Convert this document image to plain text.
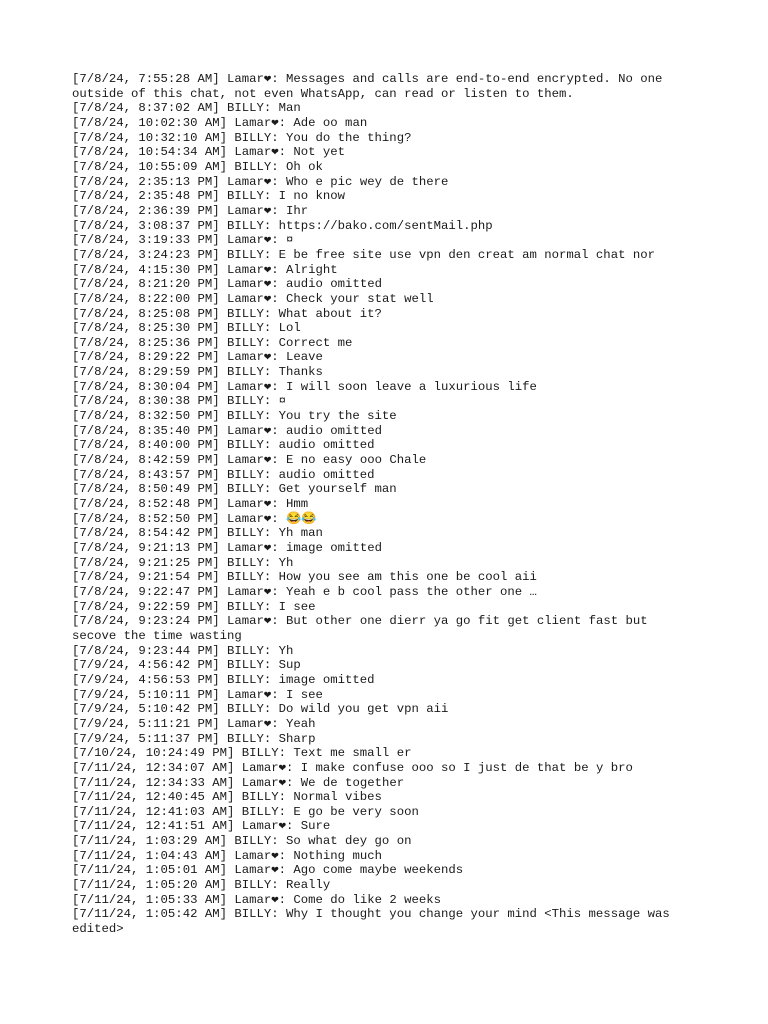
[7/8/24, 7:55:28 AM] Lamar❤: Messages and calls are end-to-end encrypted. No one outside of this chat, not even WhatsApp, can read or listen to them.
[7/8/24, 8:37:02 AM] BILLY: Man
[7/8/24, 10:02:30 AM] Lamar❤: Ade oo man
[7/8/24, 10:32:10 AM] BILLY: You do the thing?
[7/8/24, 10:54:34 AM] Lamar❤: Not yet
[7/8/24, 10:55:09 AM] BILLY: Oh ok
[7/8/24, 2:35:13 PM] Lamar❤: Who e pic wey de there
[7/8/24, 2:35:48 PM] BILLY: I no know
[7/8/24, 2:36:39 PM] Lamar❤: Ihr
[7/8/24, 3:08:37 PM] BILLY: https://bako.com/sentMail.php
[7/8/24, 3:19:33 PM] Lamar❤: ¤
[7/8/24, 3:24:23 PM] BILLY: E be free site use vpn den creat am normal chat nor
[7/8/24, 4:15:30 PM] Lamar❤: Alright
[7/8/24, 8:21:20 PM] Lamar❤: audio omitted
[7/8/24, 8:22:00 PM] Lamar❤: Check your stat well
[7/8/24, 8:25:08 PM] BILLY: What about it?
[7/8/24, 8:25:30 PM] BILLY: Lol
[7/8/24, 8:25:36 PM] BILLY: Correct me
[7/8/24, 8:29:22 PM] Lamar❤: Leave
[7/8/24, 8:29:59 PM] BILLY: Thanks
[7/8/24, 8:30:04 PM] Lamar❤: I will soon leave a luxurious life
[7/8/24, 8:30:38 PM] BILLY: ¤
[7/8/24, 8:32:50 PM] BILLY: You try the site
[7/8/24, 8:35:40 PM] Lamar❤: audio omitted
[7/8/24, 8:40:00 PM] BILLY: audio omitted
[7/8/24, 8:42:59 PM] Lamar❤: E no easy ooo Chale
[7/8/24, 8:43:57 PM] BILLY: audio omitted
[7/8/24, 8:50:49 PM] BILLY: Get yourself man
[7/8/24, 8:52:48 PM] Lamar❤: Hmm
[7/8/24, 8:52:50 PM] Lamar❤: 😂😂
[7/8/24, 8:54:42 PM] BILLY: Yh man
[7/8/24, 9:21:13 PM] Lamar❤: image omitted
[7/8/24, 9:21:25 PM] BILLY: Yh
[7/8/24, 9:21:54 PM] BILLY: How you see am this one be cool aii
[7/8/24, 9:22:47 PM] Lamar❤: Yeah e b cool pass the other one …
[7/8/24, 9:22:59 PM] BILLY: I see
[7/8/24, 9:23:24 PM] Lamar❤: But other one dierr ya go fit get client fast but secove the time wasting
[7/8/24, 9:23:44 PM] BILLY: Yh
[7/9/24, 4:56:42 PM] BILLY: Sup
[7/9/24, 4:56:53 PM] BILLY: image omitted
[7/9/24, 5:10:11 PM] Lamar❤: I see
[7/9/24, 5:10:42 PM] BILLY: Do wild you get vpn aii
[7/9/24, 5:11:21 PM] Lamar❤: Yeah
[7/9/24, 5:11:37 PM] BILLY: Sharp
[7/10/24, 10:24:49 PM] BILLY: Text me small er
[7/11/24, 12:34:07 AM] Lamar❤: I make confuse ooo so I just de that be y bro
[7/11/24, 12:34:33 AM] Lamar❤: We de together
[7/11/24, 12:40:45 AM] BILLY: Normal vibes
[7/11/24, 12:41:03 AM] BILLY: E go be very soon
[7/11/24, 12:41:51 AM] Lamar❤: Sure
[7/11/24, 1:03:29 AM] BILLY: So what dey go on
[7/11/24, 1:04:43 AM] Lamar❤: Nothing much
[7/11/24, 1:05:01 AM] Lamar❤: Ago come maybe weekends
[7/11/24, 1:05:20 AM] BILLY: Really
[7/11/24, 1:05:33 AM] Lamar❤: Come do like 2 weeks
[7/11/24, 1:05:42 AM] BILLY: Why I thought you change your mind <This message was edited>
